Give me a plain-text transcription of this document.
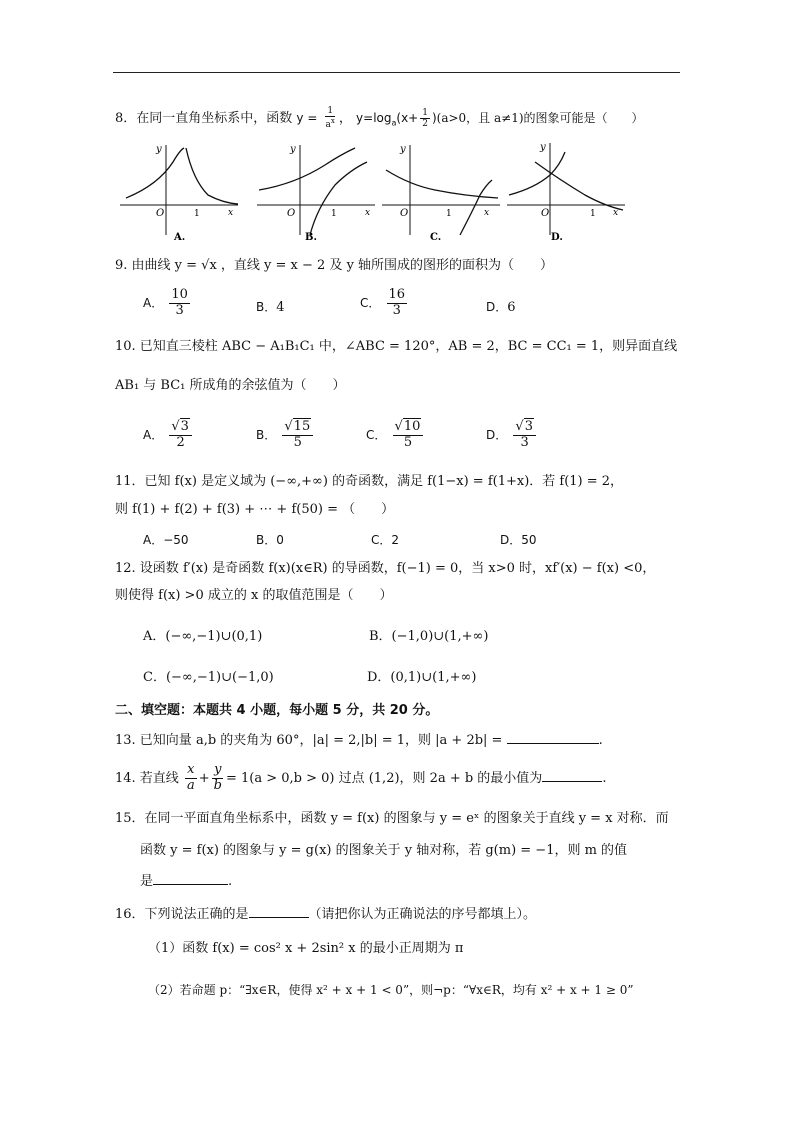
8．在同一直角坐标系中，函数 $y = \frac{1}{a^x}$ ， $y=\log_a(x+ \frac{1}{2} )(a>0$，且 a≠1)的图象可能是（　　）
y
O	1	x
A.
y
O	1	x
B.
y
O	1	x
C.
y
O	1 x
D.
9. 由曲线 y = √x ，直线 y = x − 2 及 y 轴所围成的图形的面积为（　　）
A． $\frac{10}{3}$	B．4	C． $\frac{16}{3}$	D．6
10. 已知直三棱柱 ABC − A₁B₁C₁ 中，∠ABC = 120°，AB = 2，BC = CC₁ = 1，则异面直线
AB₁ 与 BC₁ 所成角的余弦值为（　　）
A． $\frac{√3}{2}$	B． $\frac{√15}{5}$	C． $\frac{√10}{5}$	D． $\frac{√3}{3}$
11．已知 f(x) 是定义域为 (−∞,+∞) 的奇函数，满足 f(1−x) = f(1+x)．若 f(1) = 2，
则 f(1) + f(2) + f(3) + ⋯ + f(50) = （　　）
A．−50	B．0	C．2	D．50
12. 设函数 f′(x) 是奇函数 f(x)(x∈R) 的导函数，f(−1) = 0，当 x>0 时，xf′(x) − f(x) <0，
则使得 f(x) >0 成立的 x 的取值范围是（　　）
A．(−∞,−1)∪(0,1)	B．(−1,0)∪(1,+∞)
C．(−∞,−1)∪(−1,0)	D．(0,1)∪(1,+∞)
二、填空题：本题共 4 小题，每小题 5 分，共 20 分。
13. 已知向量 a,b 的夹角为 60°，|a| = 2,|b| = 1，则 |a + 2b| =	.
14. 若直线 $\frac{x}{a} + \frac{y}{b} = 1(a > 0,b > 0)$ 过点 (1,2)，则 2a + b 的最小值为	.
15．在同一平面直角坐标系中，函数 y = f(x) 的图象与 y = eˣ 的图象关于直线 y = x 对称．而
函数 y = f(x) 的图象与 y = g(x) 的图象关于 y 轴对称，若 g(m) = −1，则 m 的值
是	.
16．下列说法正确的是	（请把你认为正确说法的序号都填上）。
（1）函数 f(x) = cos² x + 2sin² x 的最小正周期为 π
（2）若命题 p：“∃x∈R，使得 x² + x + 1 < 0”，则¬p：“∀x∈R，均有 x² + x + 1 ≥ 0”
